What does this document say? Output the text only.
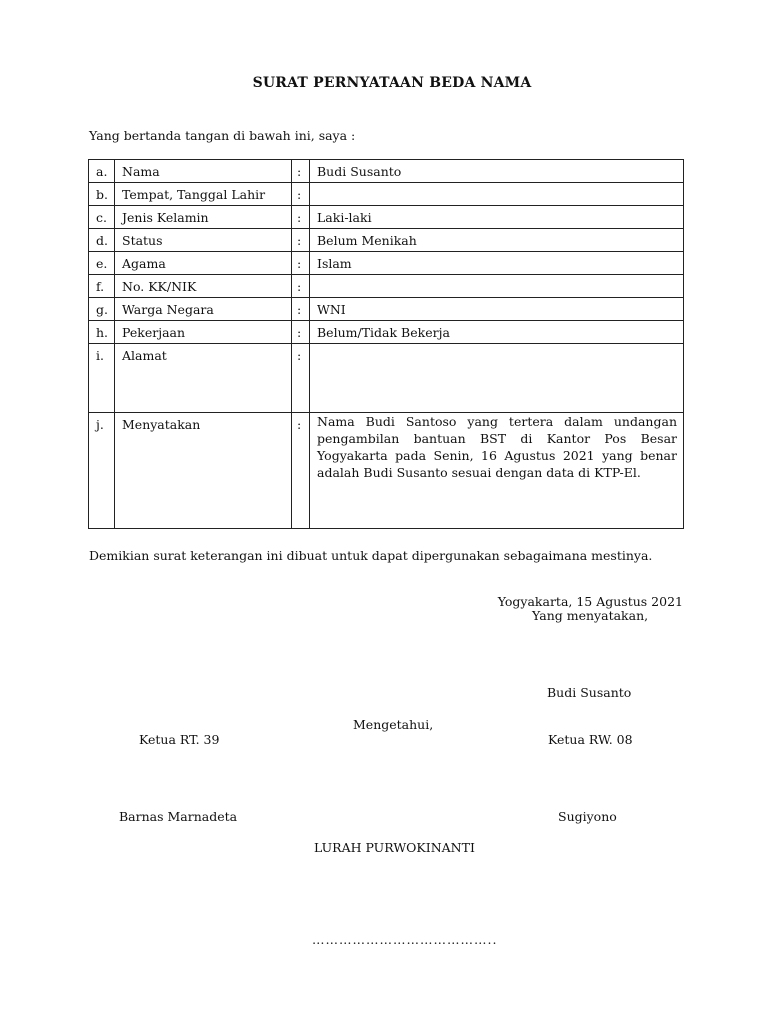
SURAT PERNYATAAN BEDA NAMA
Yang bertanda tangan di bawah ini, saya :
a.	Nama	:	Budi Susanto
b.	Tempat, Tanggal Lahir	:	
c.	Jenis Kelamin	:	Laki-laki
d.	Status	:	Belum Menikah
e.	Agama	:	Islam
f.	No. KK/NIK	:	
g.	Warga Negara	:	WNI
h.	Pekerjaan	:	Belum/Tidak Bekerja
i.	Alamat	:	
j.	Menyatakan	:	Nama Budi Santoso yang tertera dalam undangan
pengambilan bantuan BST di Kantor Pos Besar
Yogyakarta pada Senin, 16 Agustus 2021 yang benar
adalah Budi Susanto sesuai dengan data di KTP-El.
Demikian surat keterangan ini dibuat untuk dapat dipergunakan sebagaimana mestinya.
Yogyakarta, 15 Agustus 2021
Yang menyatakan,
Budi Susanto
Mengetahui,
Ketua RT. 39	Ketua RW. 08
Barnas Marnadeta	Sugiyono
LURAH PURWOKINANTI
…………………………………..
